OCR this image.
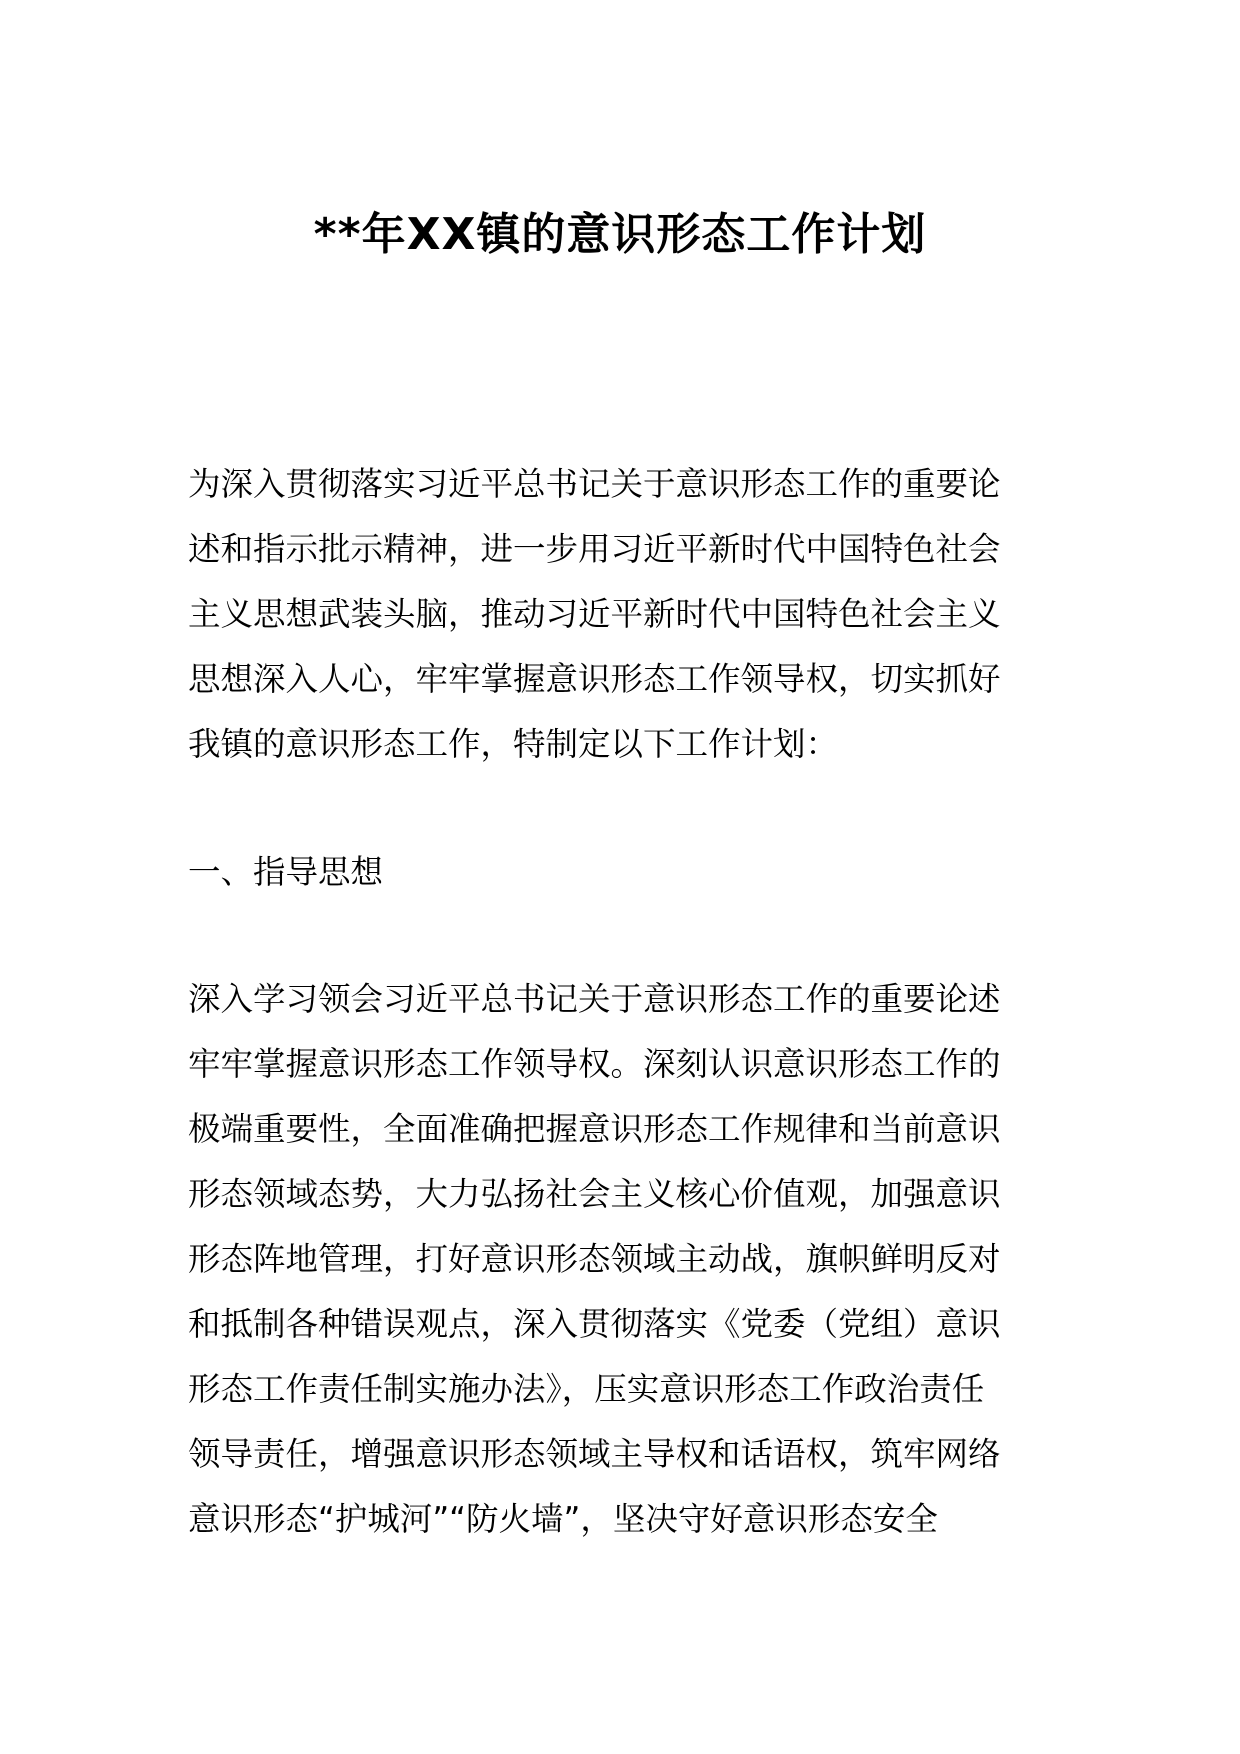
**年XX镇的意识形态工作计划
为深入贯彻落实习近平总书记关于意识形态工作的重要论
述和指示批示精神，进一步用习近平新时代中国特色社会
主义思想武装头脑，推动习近平新时代中国特色社会主义
思想深入人心，牢牢掌握意识形态工作领导权，切实抓好
我镇的意识形态工作，特制定以下工作计划：
一、指导思想
深入学习领会习近平总书记关于意识形态工作的重要论述
牢牢掌握意识形态工作领导权。深刻认识意识形态工作的
极端重要性，全面准确把握意识形态工作规律和当前意识
形态领域态势，大力弘扬社会主义核心价值观，加强意识
形态阵地管理，打好意识形态领域主动战，旗帜鲜明反对
和抵制各种错误观点，深入贯彻落实《党委（党组）意识
形态工作责任制实施办法》，压实意识形态工作政治责任
领导责任，增强意识形态领域主导权和话语权，筑牢网络
意识形态“护城河”“防火墙”，坚决守好意识形态安全
